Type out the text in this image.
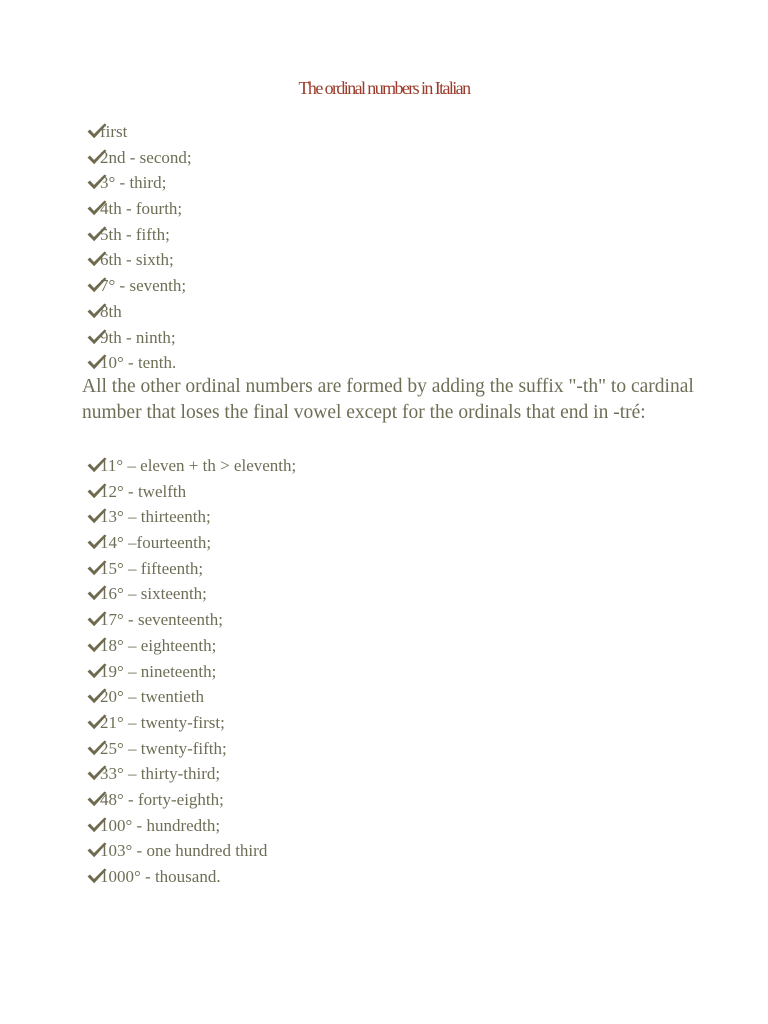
The ordinal numbers in Italian
first
2nd - second;
3° - third;
4th - fourth;
5th - fifth;
6th - sixth;
7° - seventh;
8th
9th - ninth;
10° - tenth.
All the other ordinal numbers are formed by adding the suffix "-th" to cardinal number that loses the final vowel except for the ordinals that end in -tré:
11° – eleven + th > eleventh;
12° - twelfth
13° – thirteenth;
14° –fourteenth;
15° – fifteenth;
16° – sixteenth;
17° - seventeenth;
18° – eighteenth;
19° – nineteenth;
20° – twentieth
21° – twenty-first;
25° – twenty-fifth;
33° – thirty-third;
48° - forty-eighth;
100° - hundredth;
103° - one hundred third
1000° - thousand.
